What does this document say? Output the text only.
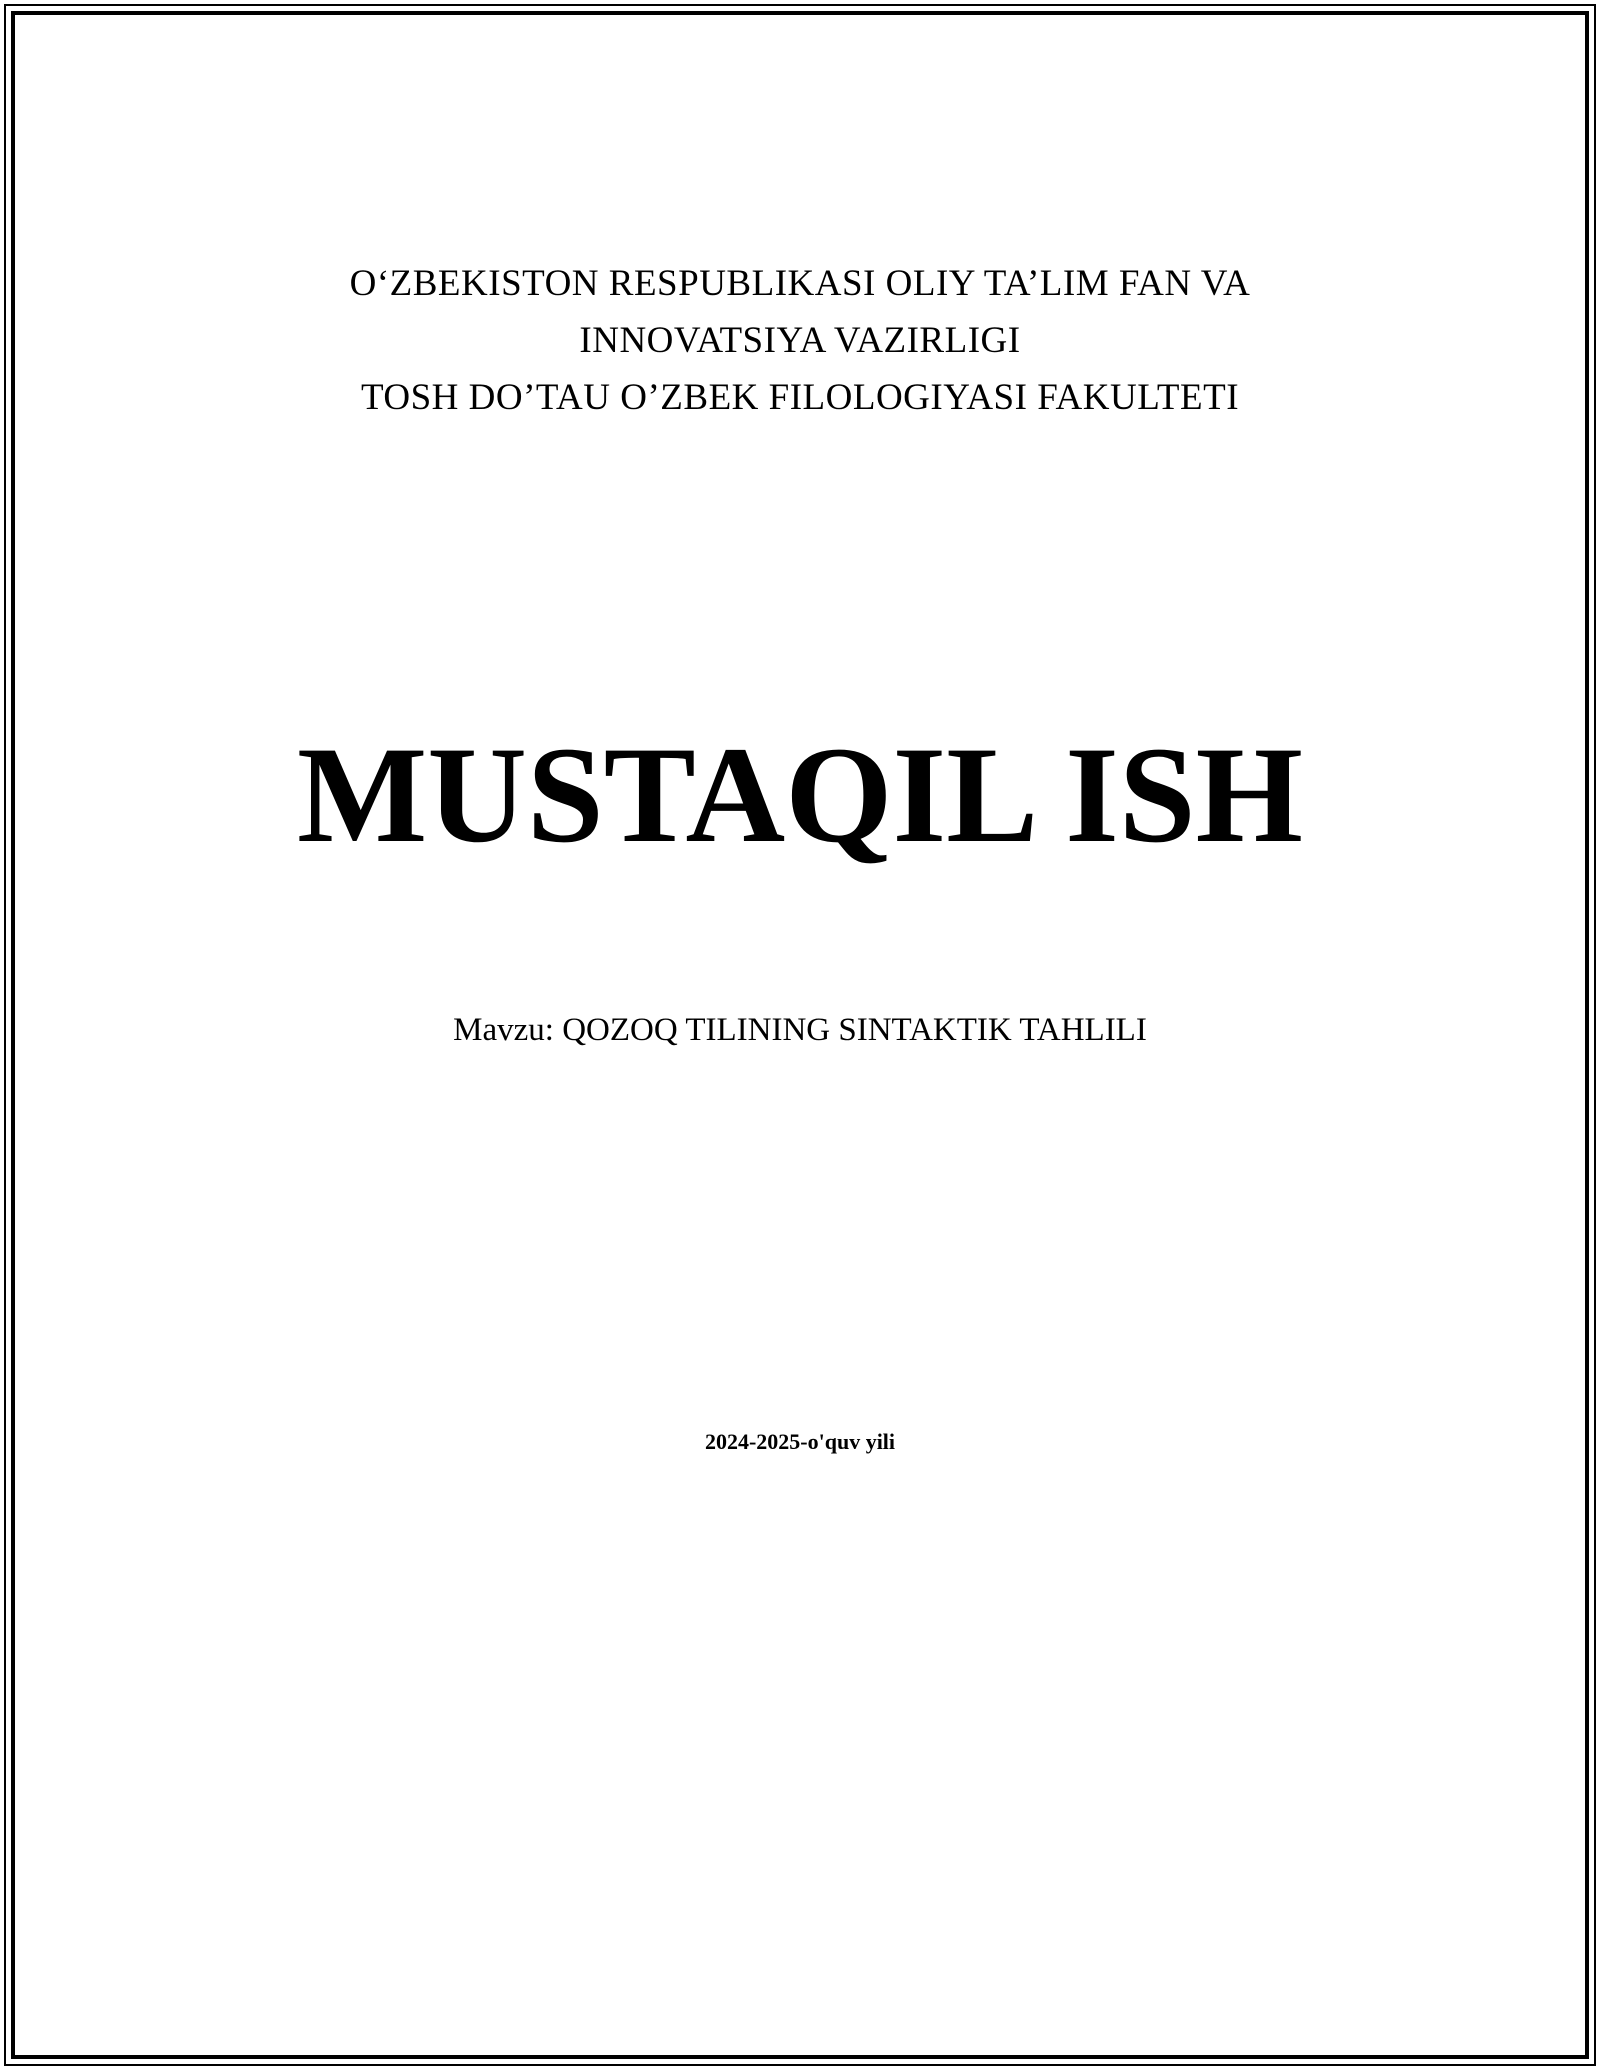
O‘ZBEKISTON RESPUBLIKASI OLIY TA’LIM FAN VA
INNOVATSIYA VAZIRLIGI
TOSH DO’TAU O’ZBEK FILOLOGIYASI FAKULTETI
MUSTAQIL ISH
Mavzu: QOZOQ TILINING SINTAKTIK TAHLILI
2024-2025-o'quv yili
